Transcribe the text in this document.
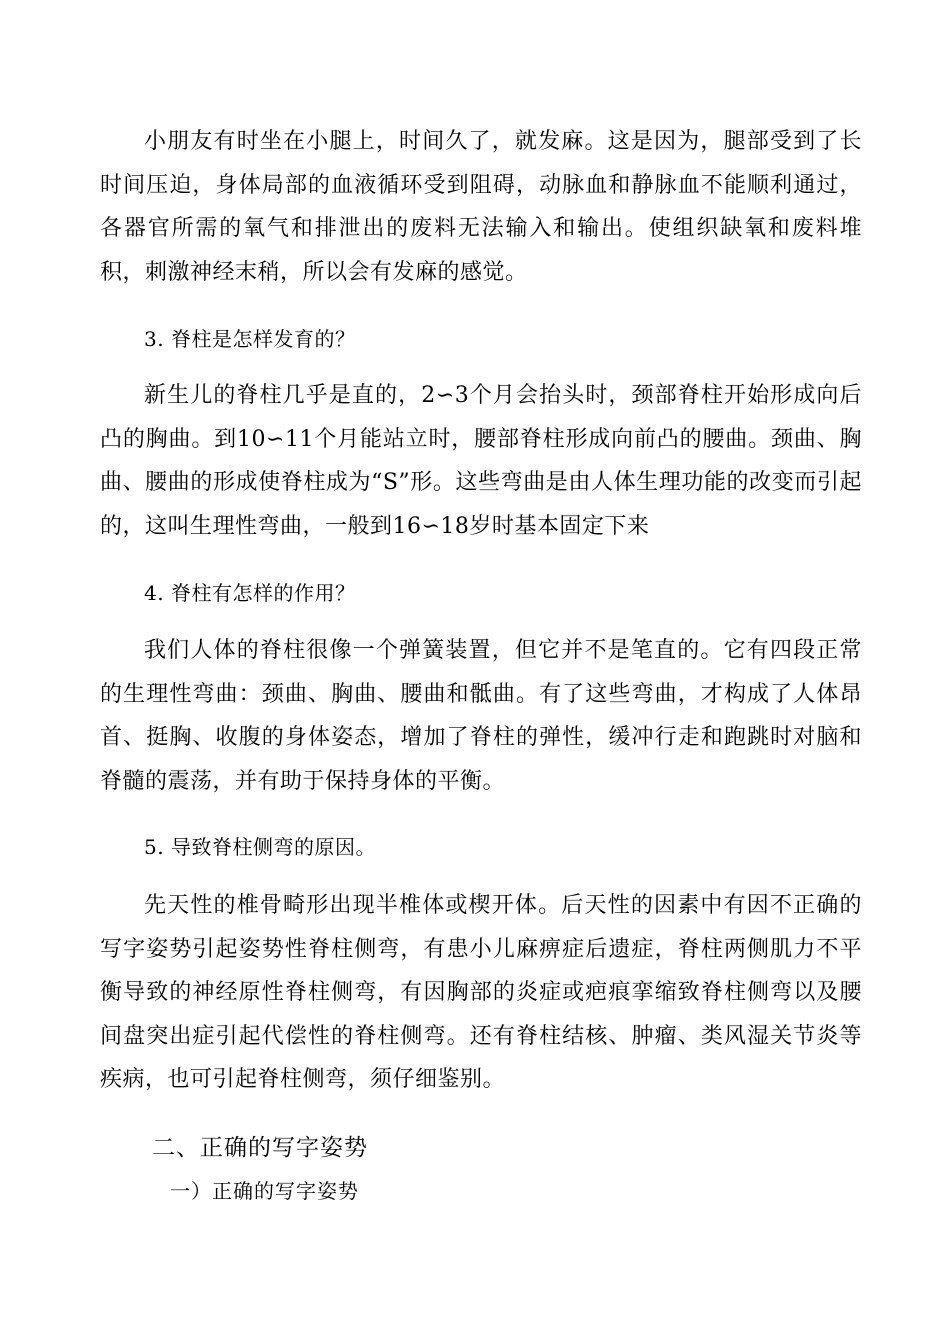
小朋友有时坐在小腿上，时间久了，就发麻。这是因为，腿部受到了长时间压迫，身体局部的血液循环受到阻碍，动脉血和静脉血不能顺利通过，各器官所需的氧气和排泄出的废料无法输入和输出。使组织缺氧和废料堆积，刺激神经末稍，所以会有发麻的感觉。

3. 脊柱是怎样发育的？

新生儿的脊柱几乎是直的，2∽3个月会抬头时，颈部脊柱开始形成向后凸的胸曲。到10∽11个月能站立时，腰部脊柱形成向前凸的腰曲。颈曲、胸曲、腰曲的形成使脊柱成为“S”形。这些弯曲是由人体生理功能的改变而引起的，这叫生理性弯曲，一般到16∽18岁时基本固定下来

4. 脊柱有怎样的作用？

我们人体的脊柱很像一个弹簧装置，但它并不是笔直的。它有四段正常的生理性弯曲：颈曲、胸曲、腰曲和骶曲。有了这些弯曲，才构成了人体昂首、挺胸、收腹的身体姿态，增加了脊柱的弹性，缓冲行走和跑跳时对脑和脊髓的震荡，并有助于保持身体的平衡。

5. 导致脊柱侧弯的原因。

先天性的椎骨畸形出现半椎体或楔开体。后天性的因素中有因不正确的写字姿势引起姿势性脊柱侧弯，有患小儿麻痹症后遗症，脊柱两侧肌力不平衡导致的神经原性脊柱侧弯，有因胸部的炎症或疤痕挛缩致脊柱侧弯以及腰间盘突出症引起代偿性的脊柱侧弯。还有脊柱结核、肿瘤、类风湿关节炎等疾病，也可引起脊柱侧弯，须仔细鉴别。

二、正确的写字姿势
一）正确的写字姿势
